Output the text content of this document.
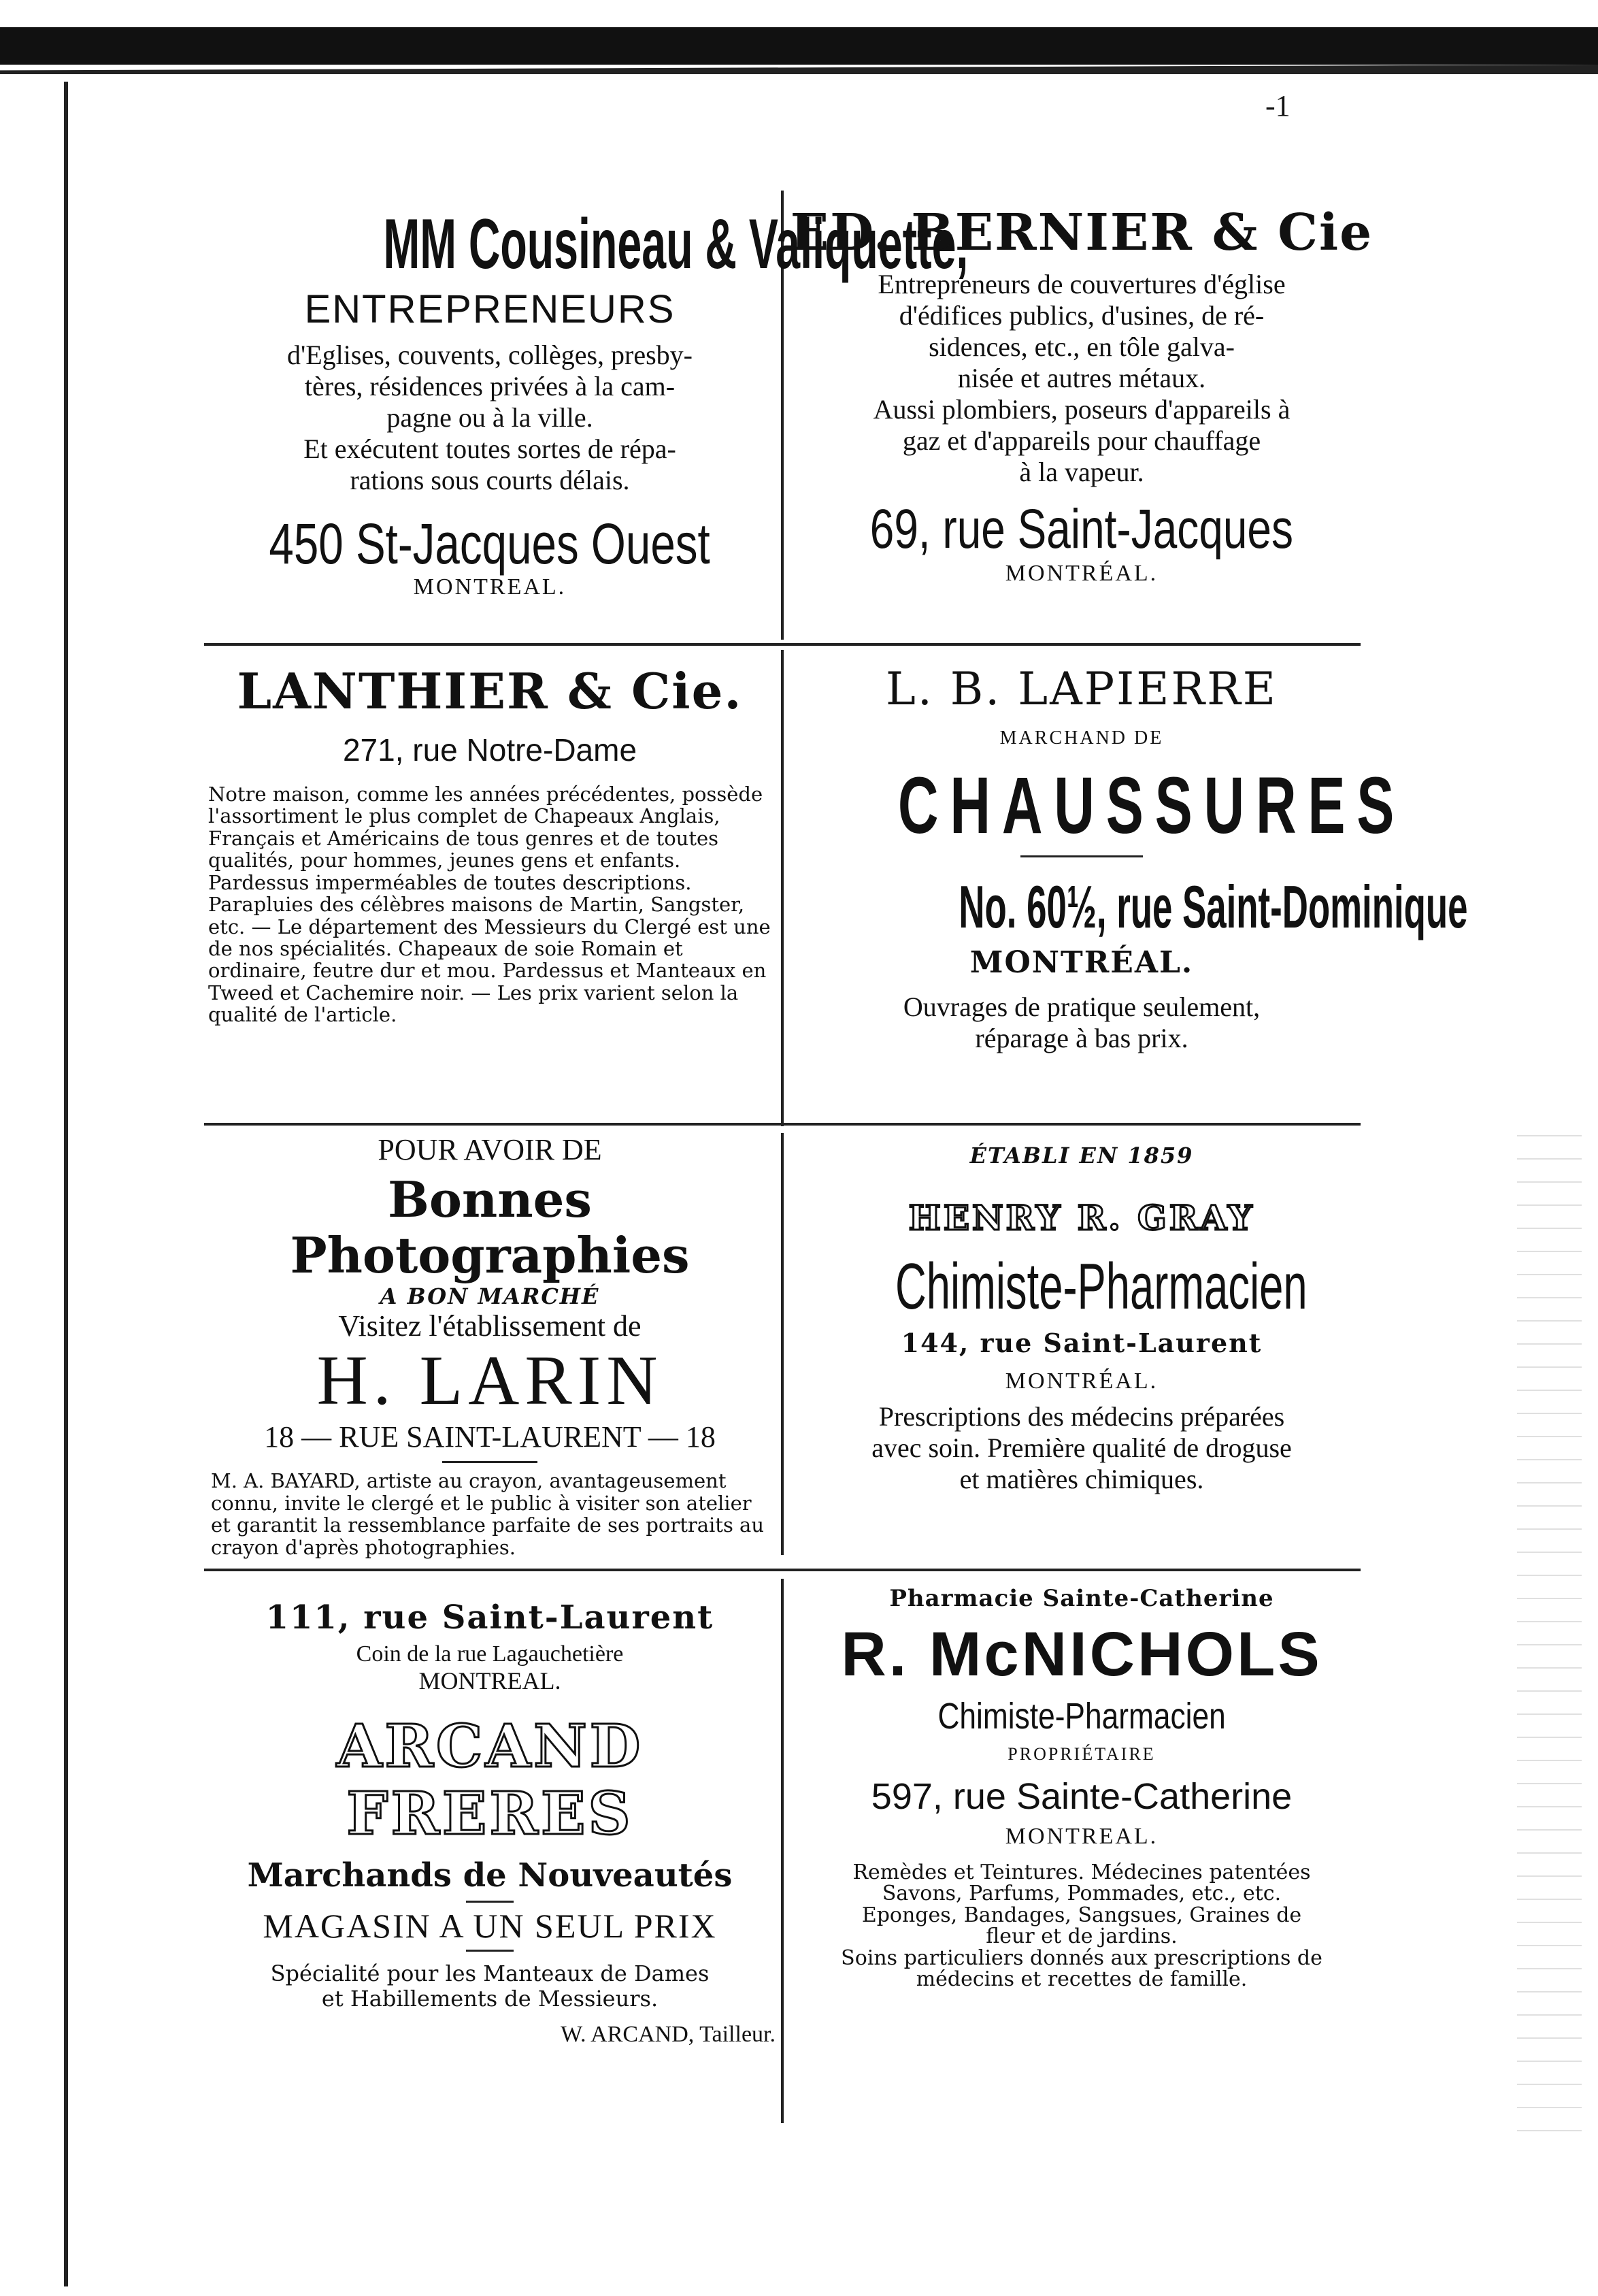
-1

MM Cousineau & Valiquette,

ENTREPRENEURS

d'Eglises, couvents, collèges, presby-

tères, résidences privées à la cam-

pagne ou à la ville.

Et exécutent toutes sortes de répa-

rations sous courts délais.

450 St-Jacques Ouest

MONTREAL.

ED. BERNIER & Cie

Entrepreneurs de couvertures d'église

d'édifices publics, d'usines, de ré-

sidences, etc., en tôle galva-

nisée et autres métaux.

Aussi plombiers, poseurs d'appareils à

gaz et d'appareils pour chauffage

à la vapeur.

69, rue Saint-Jacques

MONTRÉAL.

LANTHIER & Cie.

271, rue Notre-Dame

Notre maison, comme les années précédentes, possède l'assortiment le plus complet de Chapeaux Anglais, Français et Américains de tous genres et de toutes qualités, pour hommes, jeunes gens et enfants. Pardessus imperméables de toutes descriptions. Parapluies des célèbres maisons de Martin, Sangster, etc. — Le département des Messieurs du Clergé est une de nos spécialités. Chapeaux de soie Romain et ordinaire, feutre dur et mou. Pardessus et Manteaux en Tweed et Cachemire noir. — Les prix varient selon la qualité de l'article.

L. B. LAPIERRE

MARCHAND DE

CHAUSSURES

No. 60½, rue Saint-Dominique

MONTRÉAL.

Ouvrages de pratique seulement,

réparage à bas prix.

POUR AVOIR DE

Bonnes Photographies

A BON MARCHÉ

Visitez l'établissement de

H. LARIN

18 — RUE SAINT-LAURENT — 18

M. A. BAYARD, artiste au crayon, avantageusement connu, invite le clergé et le public à visiter son atelier et garantit la ressemblance parfaite de ses portraits au crayon d'après photographies.

ÉTABLI EN 1859

HENRY R. GRAY

Chimiste-Pharmacien

144, rue Saint-Laurent

MONTRÉAL.

Prescriptions des médecins préparées

avec soin. Première qualité de droguse

et matières chimiques.

111, rue Saint-Laurent

Coin de la rue Lagauchetière

MONTREAL.

ARCAND FRERES

Marchands de Nouveautés

MAGASIN A UN SEUL PRIX

Spécialité pour les Manteaux de Dames

et Habillements de Messieurs.

W. ARCAND, Tailleur.

Pharmacie Sainte-Catherine

R. McNICHOLS

Chimiste-Pharmacien

PROPRIÉTAIRE

597, rue Sainte-Catherine

MONTREAL.

Remèdes et Teintures. Médecines patentées

Savons, Parfums, Pommades, etc., etc.

Eponges, Bandages, Sangsues, Graines de

fleur et de jardins.

Soins particuliers donnés aux prescriptions de

médecins et recettes de famille.
